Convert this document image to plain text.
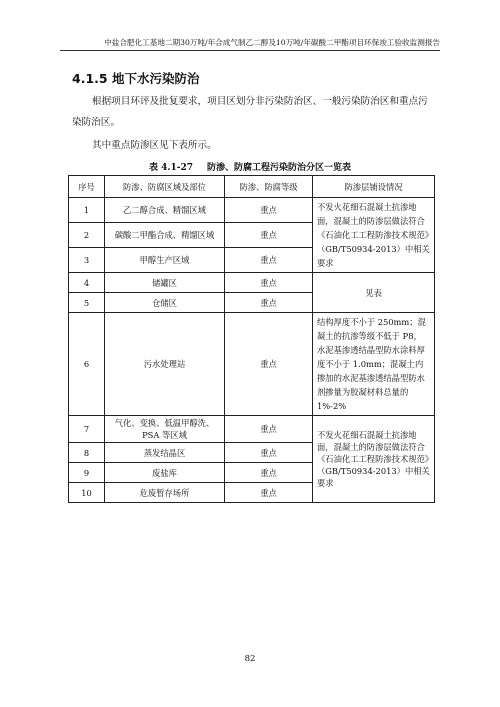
中盐合肥化工基地二期30万吨/年合成气制乙二醇及10万吨/年碳酸二甲酯项目环保竣工验收监测报告
4.1.5 地下水污染防治
根据项目环评及批复要求，项目区划分非污染防治区、一般污染防治区和重点污染防治区。
其中重点防渗区见下表所示。
表 4.1-27 防渗、防腐工程污染防治分区一览表
序号	防渗、防腐区域及部位	防渗、防腐等级	防渗层铺设情况
1	乙二醇合成、精馏区域	重点	不发火花细石混凝土抗渗地面，混凝土的防渗层做法符合《石油化工工程防渗技术规范》（GB/T50934-2013）中相关要求
2	碳酸二甲酯合成、精馏区域	重点	
3	甲醇生产区域	重点	
4	储罐区	重点	见表
5	仓储区	重点	
6	污水处理站	重点	结构厚度不小于 250mm；混凝土的抗渗等级不低于 P8，水泥基渗透结晶型防水涂料厚度不小于 1.0mm；混凝土内掺加的水泥基渗透结晶型防水剂掺量为胶凝材料总量的 1%-2%
7	气化、变换、低温甲醇洗、PSA 等区域	重点	不发火花细石混凝土抗渗地面，混凝土的防渗层做法符合《石油化工工程防渗技术规范》（GB/T50934-2013）中相关要求
8	蒸发结晶区	重点	
9	废盐库	重点	
10	危废暂存场所	重点	
82
